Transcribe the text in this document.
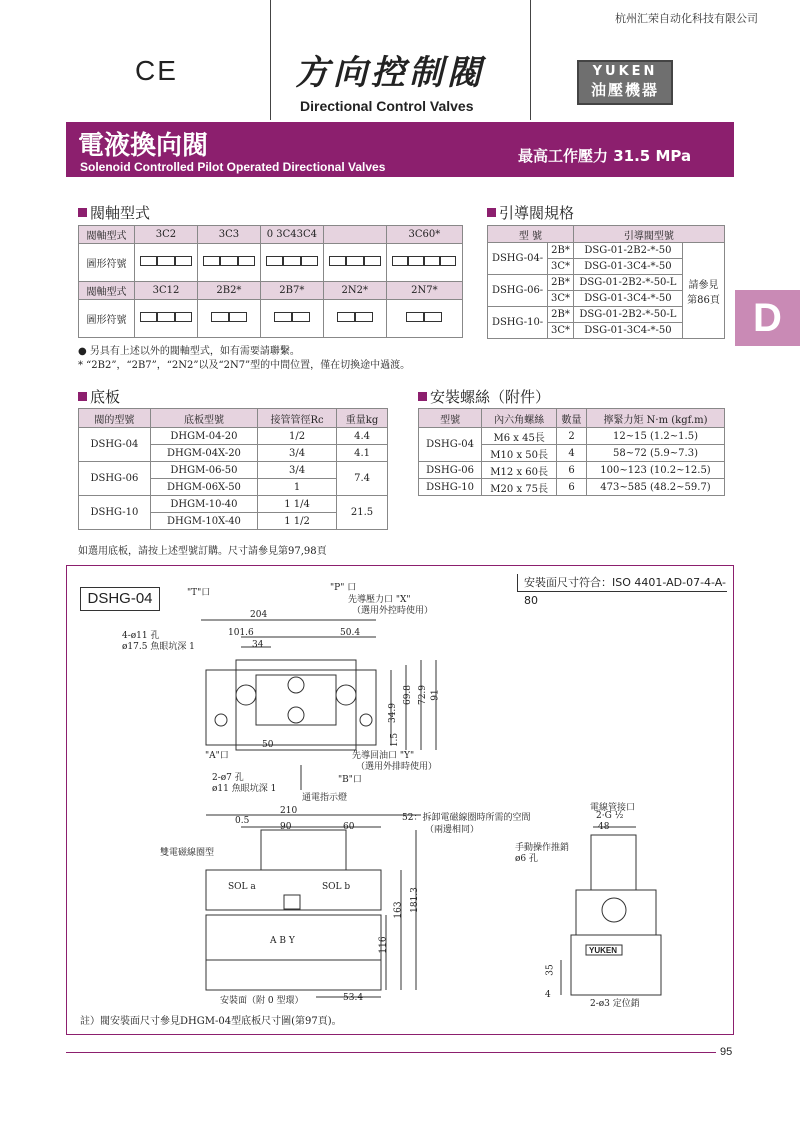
杭州汇荣自动化科技有限公司
CE	方向控制閥
Directional Control Valves
YUKEN
油壓機器
電液換向閥
Solenoid Controlled Pilot Operated Directional Valves
最高工作壓力 31.5 MPa
D
閥軸型式
閥軸型式	3C2	3C3	0 3C43C4		3C60*
圖形符號	

閥軸型式	3C12	2B2*	2B7*	2N2*	2N7*
圖形符號	

● 另具有上述以外的閥軸型式，如有需要請聯繫。
* “2B2”，“2B7”，“2N2”以及“2N7”型的中間位置，僅在切換途中過渡。
引導閥規格
型 號		引導閥型號	
DSHG-04-	2B*	DSG-01-2B2-*-50	請參見
第86頁

	3C*	DSG-01-3C4-*-50	
DSHG-06-	2B*	DSG-01-2B2-*-50-L	
	3C*	DSG-01-3C4-*-50	
DSHG-10-	2B*	DSG-01-2B2-*-50-L	
	3C*	DSG-01-3C4-*-50	
底板
閥的型號	底板型號	接管管徑Rc	重量kg
DSHG-04	DHGM-04-20	1/2	4.4
	DHGM-04X-20	3/4	4.1
DSHG-06	DHGM-06-50	3/4	7.4
	DHGM-06X-50	1	
DSHG-10	DHGM-10-40	1 1/4	21.5
	DHGM-10X-40	1 1/2	
如選用底板，請按上述型號訂購。尺寸請參見第97,98頁
安裝螺絲（附件）
型號	內六角螺絲	數量	擰緊力矩 N·m (kgf.m)
DSHG-04	M6 x 45長	2	12~15 (1.2~1.5)
	M10 x 50長	4	58~72 (5.9~7.3)
DSHG-06	M12 x 60長	6	100~123 (10.2~12.5)
DSHG-10	M20 x 75長	6	473~585 (48.2~59.7)
DSHG-04
安裝面尺寸符合：ISO 4401-AD-07-4-A-80
"T"口	"P" 口
先導壓力口 "X"
（選用外控時使用）
4-ø11 孔
ø17.5 魚眼坑深 1
204
101.6	50.4
34
34.9
69.8 72.9 91
1.5
"A"口
50
先導回油口 "Y"
（選用外排時使用）
2-ø7 孔
ø11 魚眼坑深 1
"B"口
通電指示燈
210
52：拆卸電磁線圈時所需的空間
（兩邊相同）
0.5
90	60
雙電磁線圈型
SOL a	SOL b
A B Y	116
163 181.3
安裝面（附 0 型環）	53.4
電線管接口
2·G ½
48
手動操作推銷
ø6 孔
YUKEN
35
4
2-ø3 定位銷
註）閥安裝面尺寸參見DHGM-04型底板尺寸圖(第97頁)。
95
